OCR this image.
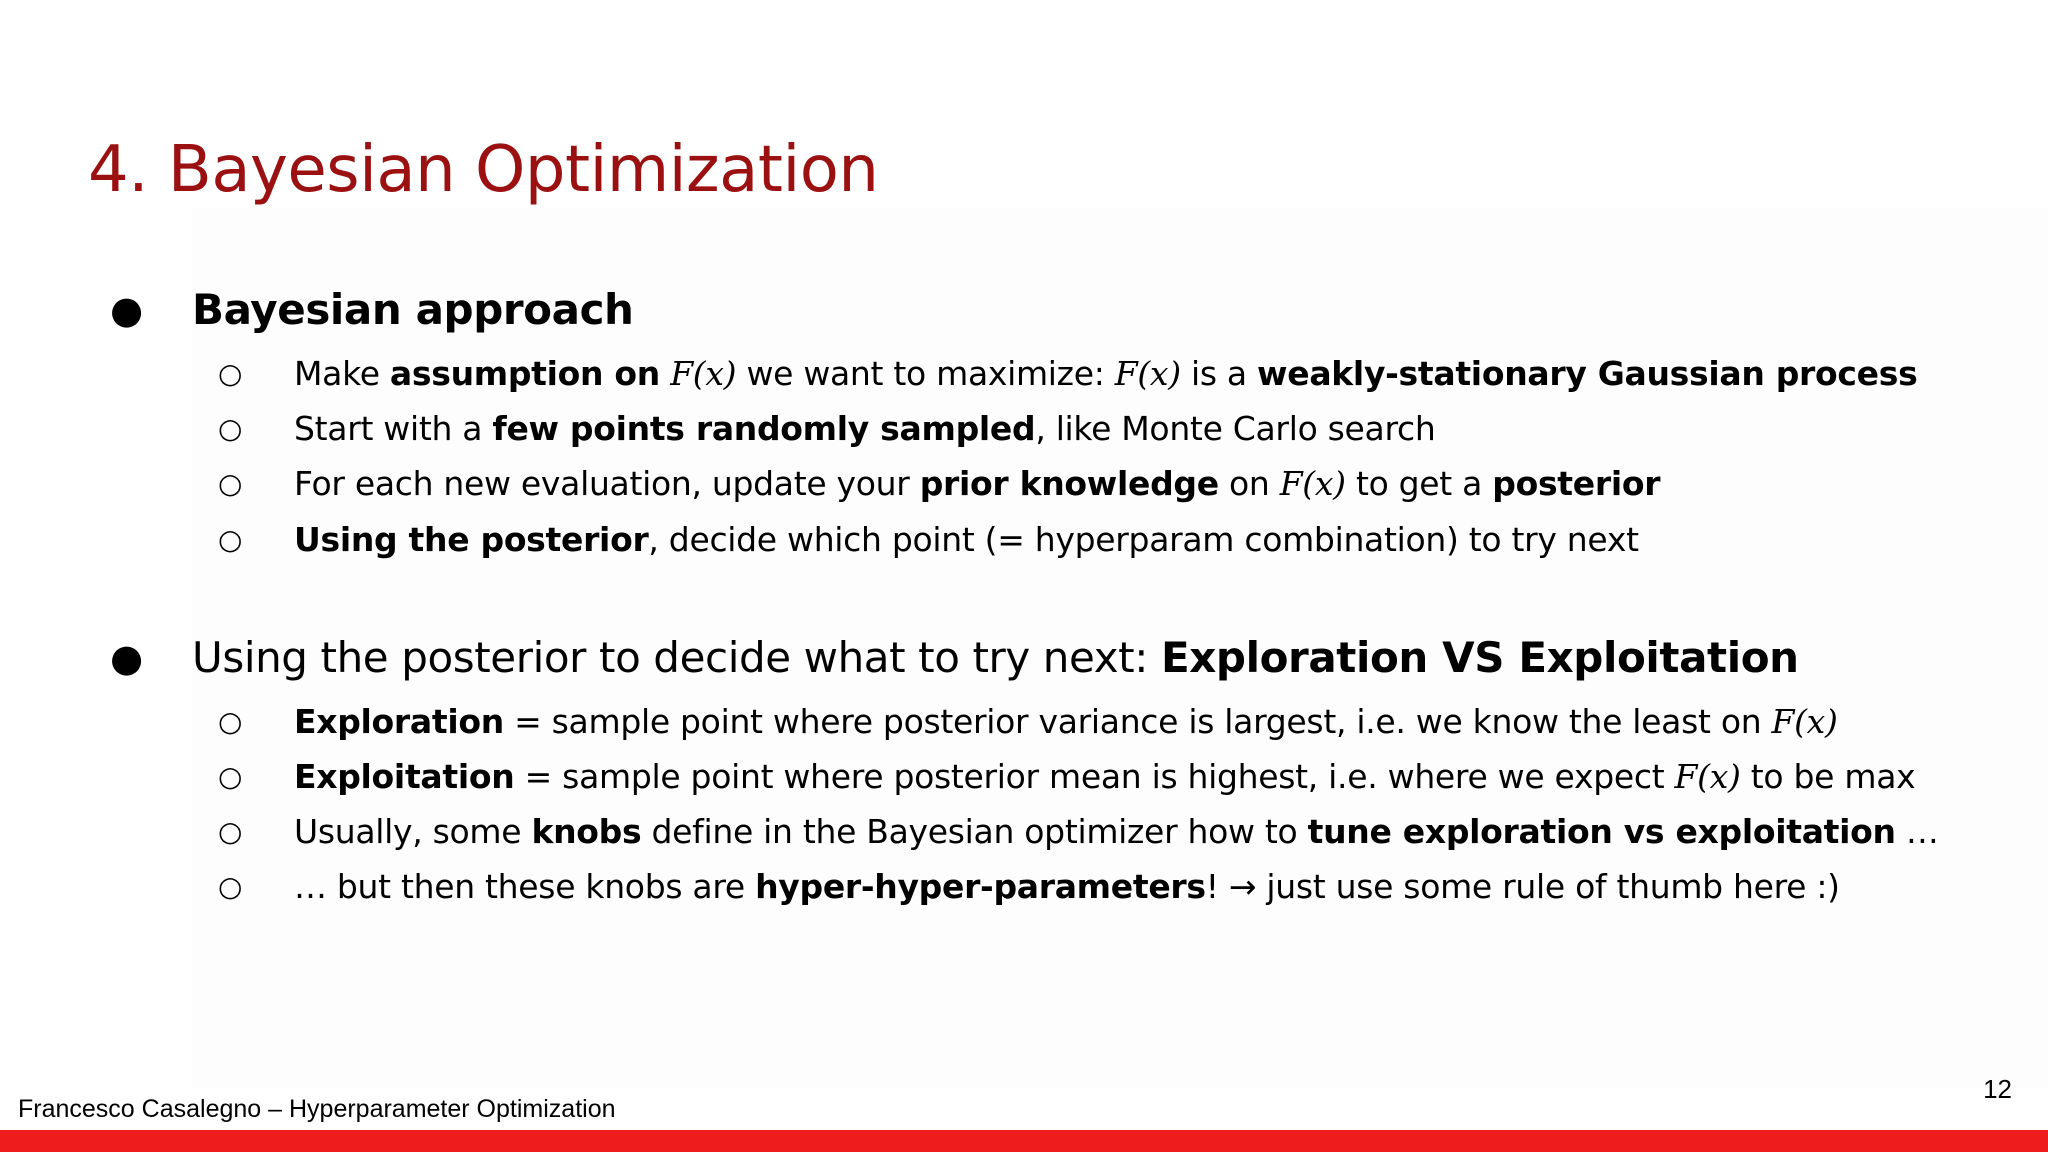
4. Bayesian Optimization
● Bayesian approach
○ Make assumption on F(x) we want to maximize: F(x) is a weakly-stationary Gaussian process
○ Start with a few points randomly sampled, like Monte Carlo search
○ For each new evaluation, update your prior knowledge on F(x) to get a posterior
○ Using the posterior, decide which point (= hyperparam combination) to try next
● Using the posterior to decide what to try next: Exploration VS Exploitation
○ Exploration = sample point where posterior variance is largest, i.e. we know the least on F(x)
○ Exploitation = sample point where posterior mean is highest, i.e. where we expect F(x) to be max
○ Usually, some knobs define in the Bayesian optimizer how to tune exploration vs exploitation …
○ … but then these knobs are hyper-hyper-parameters! → just use some rule of thumb here :)
Francesco Casalegno – Hyperparameter Optimization
12
